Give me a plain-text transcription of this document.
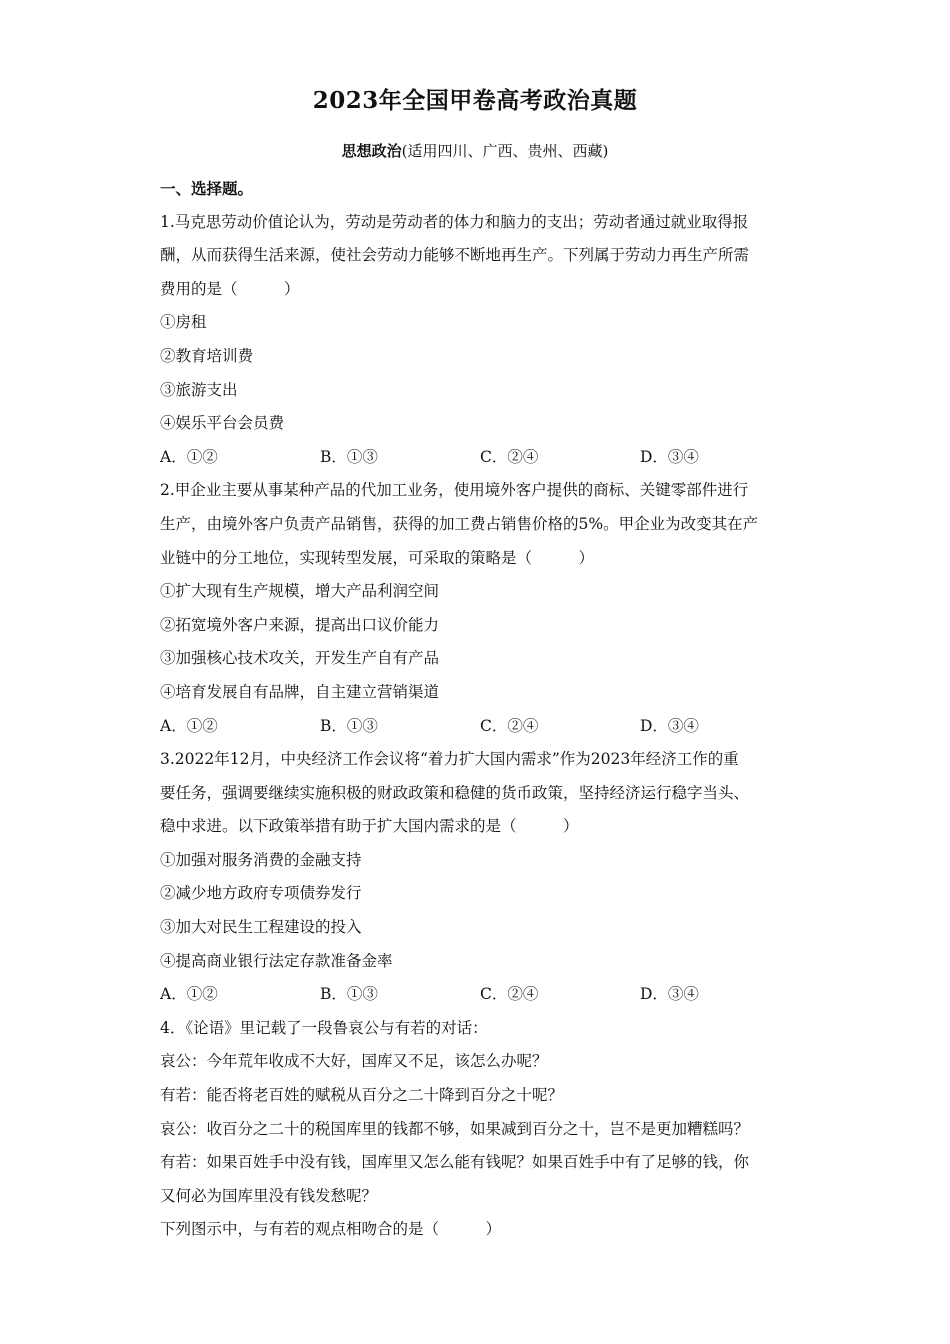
2023年全国甲卷高考政治真题
思想政治(适用四川、广西、贵州、西藏)
一、选择题。
1.马克思劳动价值论认为，劳动是劳动者的体力和脑力的支出；劳动者通过就业取得报
酬，从而获得生活来源，使社会劳动力能够不断地再生产。下列属于劳动力再生产所需
费用的是（　　　）
①房租
②教育培训费
③旅游支出
④娱乐平台会员费
A．①②	B．①③	C．②④	D．③④
2.甲企业主要从事某种产品的代加工业务，使用境外客户提供的商标、关键零部件进行
生产，由境外客户负责产品销售，获得的加工费占销售价格的5%。甲企业为改变其在产
业链中的分工地位，实现转型发展，可采取的策略是（　　　）
①扩大现有生产规模，增大产品利润空间
②拓宽境外客户来源，提高出口议价能力
③加强核心技术攻关，开发生产自有产品
④培育发展自有品牌，自主建立营销渠道
A．①②	B．①③	C．②④	D．③④
3.2022年12月，中央经济工作会议将“着力扩大国内需求”作为2023年经济工作的重
要任务，强调要继续实施积极的财政政策和稳健的货币政策，坚持经济运行稳字当头、
稳中求进。以下政策举措有助于扩大国内需求的是（　　　）
①加强对服务消费的金融支持
②减少地方政府专项债券发行
③加大对民生工程建设的投入
④提高商业银行法定存款准备金率
A．①②	B．①③	C．②④	D．③④
4．《论语》里记载了一段鲁哀公与有若的对话：
哀公：今年荒年收成不大好，国库又不足，该怎么办呢？
有若：能否将老百姓的赋税从百分之二十降到百分之十呢？
哀公：收百分之二十的税国库里的钱都不够，如果减到百分之十，岂不是更加糟糕吗？
有若：如果百姓手中没有钱，国库里又怎么能有钱呢？如果百姓手中有了足够的钱，你
又何必为国库里没有钱发愁呢？
下列图示中，与有若的观点相吻合的是（　　　）
